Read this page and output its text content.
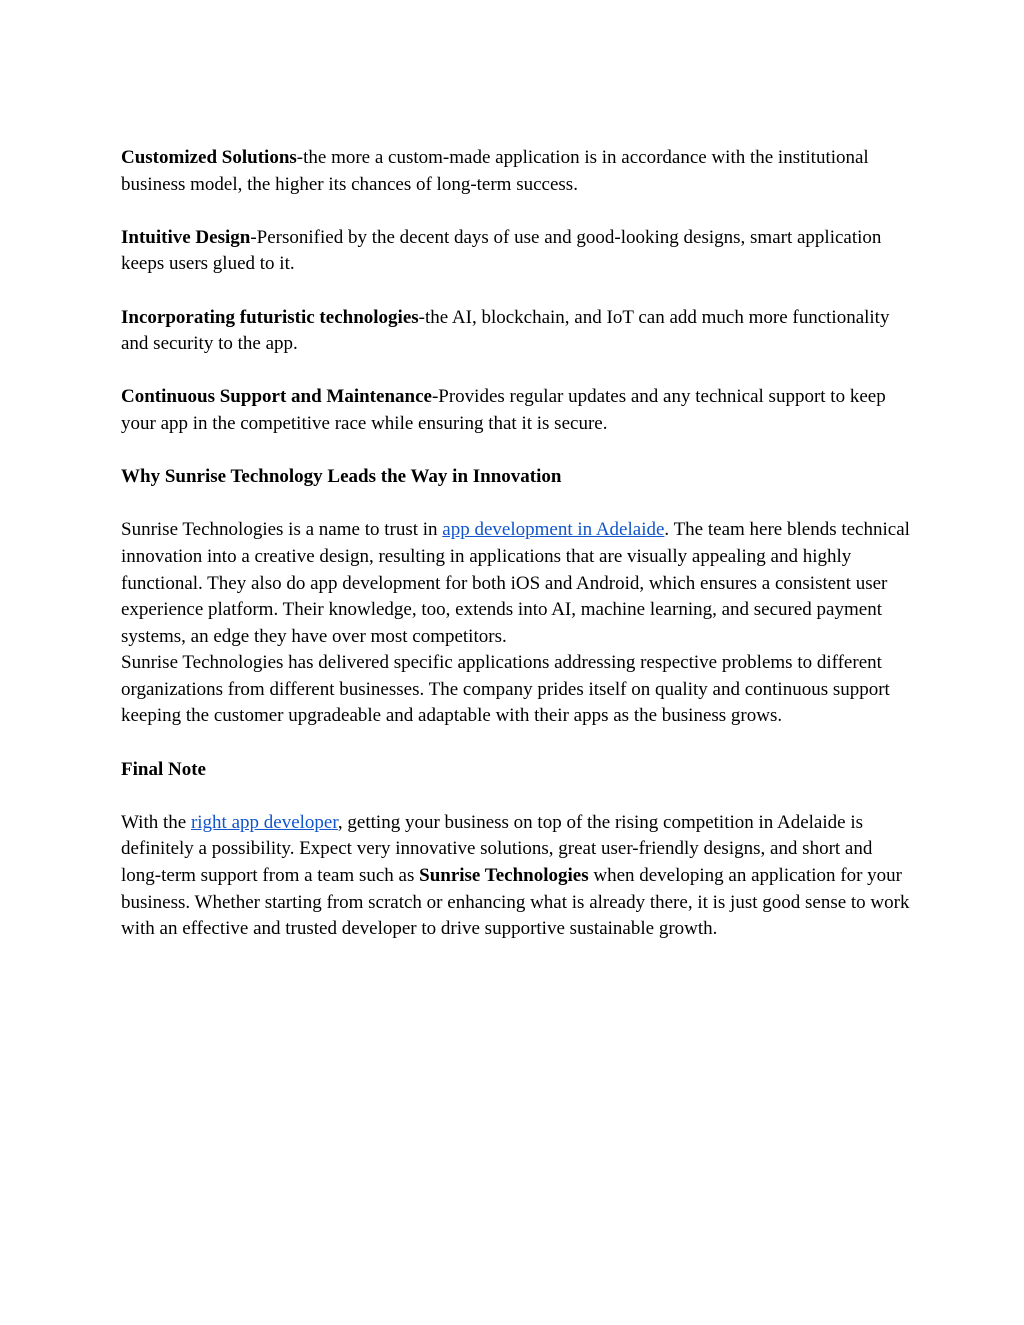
Customized Solutions-the more a custom-made application is in accordance with the institutional business model, the higher its chances of long-term success.

Intuitive Design-Personified by the decent days of use and good-looking designs, smart application keeps users glued to it.

Incorporating futuristic technologies-the AI, blockchain, and IoT can add much more functionality and security to the app.

Continuous Support and Maintenance-Provides regular updates and any technical support to keep your app in the competitive race while ensuring that it is secure.

Why Sunrise Technology Leads the Way in Innovation

Sunrise Technologies is a name to trust in app development in Adelaide. The team here blends technical innovation into a creative design, resulting in applications that are visually appealing and highly functional. They also do app development for both iOS and Android, which ensures a consistent user experience platform. Their knowledge, too, extends into AI, machine learning, and secured payment systems, an edge they have over most competitors.

Sunrise Technologies has delivered specific applications addressing respective problems to different organizations from different businesses. The company prides itself on quality and continuous support keeping the customer upgradeable and adaptable with their apps as the business grows.

Final Note

With the right app developer, getting your business on top of the rising competition in Adelaide is definitely a possibility. Expect very innovative solutions, great user-friendly designs, and short and long-term support from a team such as Sunrise Technologies when developing an application for your business. Whether starting from scratch or enhancing what is already there, it is just good sense to work with an effective and trusted developer to drive supportive sustainable growth.
